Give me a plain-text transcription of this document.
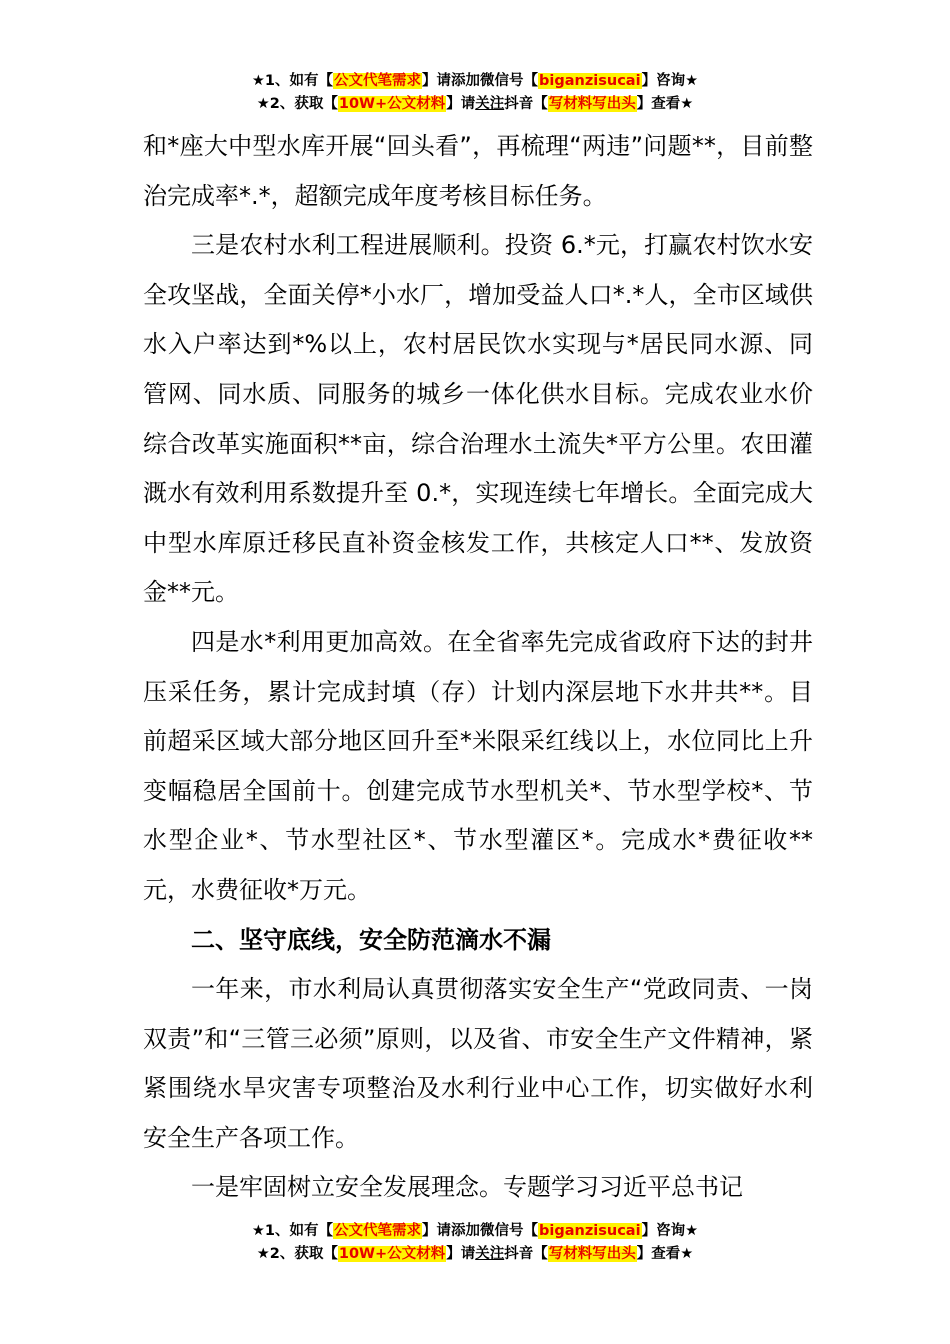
★1、如有【公文代笔需求】请添加微信号【biganzisucai】咨询★
★2、获取【10W+公文材料】请关注抖音【写材料写出头】查看★

和*座大中型水库开展“回头看”，再梳理“两违”问题**，目前整治完成率*.*，超额完成年度考核目标任务。

三是农村水利工程进展顺利。投资 6.*元，打赢农村饮水安全攻坚战，全面关停*小水厂，增加受益人口*.*人，全市区域供水入户率达到*%以上，农村居民饮水实现与*居民同水源、同管网、同水质、同服务的城乡一体化供水目标。完成农业水价综合改革实施面积**亩，综合治理水土流失*平方公里。农田灌溉水有效利用系数提升至 0.*，实现连续七年增长。全面完成大中型水库原迁移民直补资金核发工作，共核定人口**、发放资金**元。

四是水*利用更加高效。在全省率先完成省政府下达的封井压采任务，累计完成封填（存）计划内深层地下水井共**。目前超采区域大部分地区回升至*米限采红线以上，水位同比上升变幅稳居全国前十。创建完成节水型机关*、节水型学校*、节水型企业*、节水型社区*、节水型灌区*。完成水*费征收**元，水费征收*万元。

二、坚守底线，安全防范滴水不漏

一年来，市水利局认真贯彻落实安全生产“党政同责、一岗双责”和“三管三必须”原则，以及省、市安全生产文件精神，紧紧围绕水旱灾害专项整治及水利行业中心工作，切实做好水利安全生产各项工作。

一是牢固树立安全发展理念。专题学习习近平总书记

★1、如有【公文代笔需求】请添加微信号【biganzisucai】咨询★
★2、获取【10W+公文材料】请关注抖音【写材料写出头】查看★
